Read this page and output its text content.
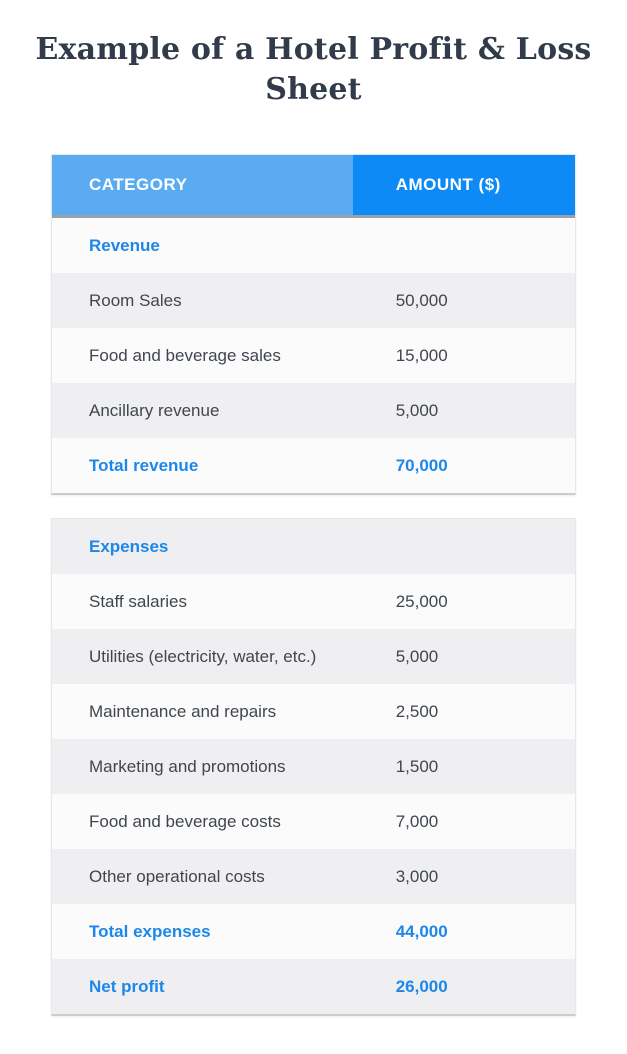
Example of a Hotel Profit & Loss Sheet
CATEGORY	AMOUNT ($)
Revenue
Room Sales	50,000
Food and beverage sales	15,000
Ancillary revenue	5,000
Total revenue	70,000
Expenses
Staff salaries	25,000
Utilities (electricity, water, etc.)	5,000
Maintenance and repairs	2,500
Marketing and promotions	1,500
Food and beverage costs	7,000
Other operational costs	3,000
Total expenses	44,000
Net profit	26,000
